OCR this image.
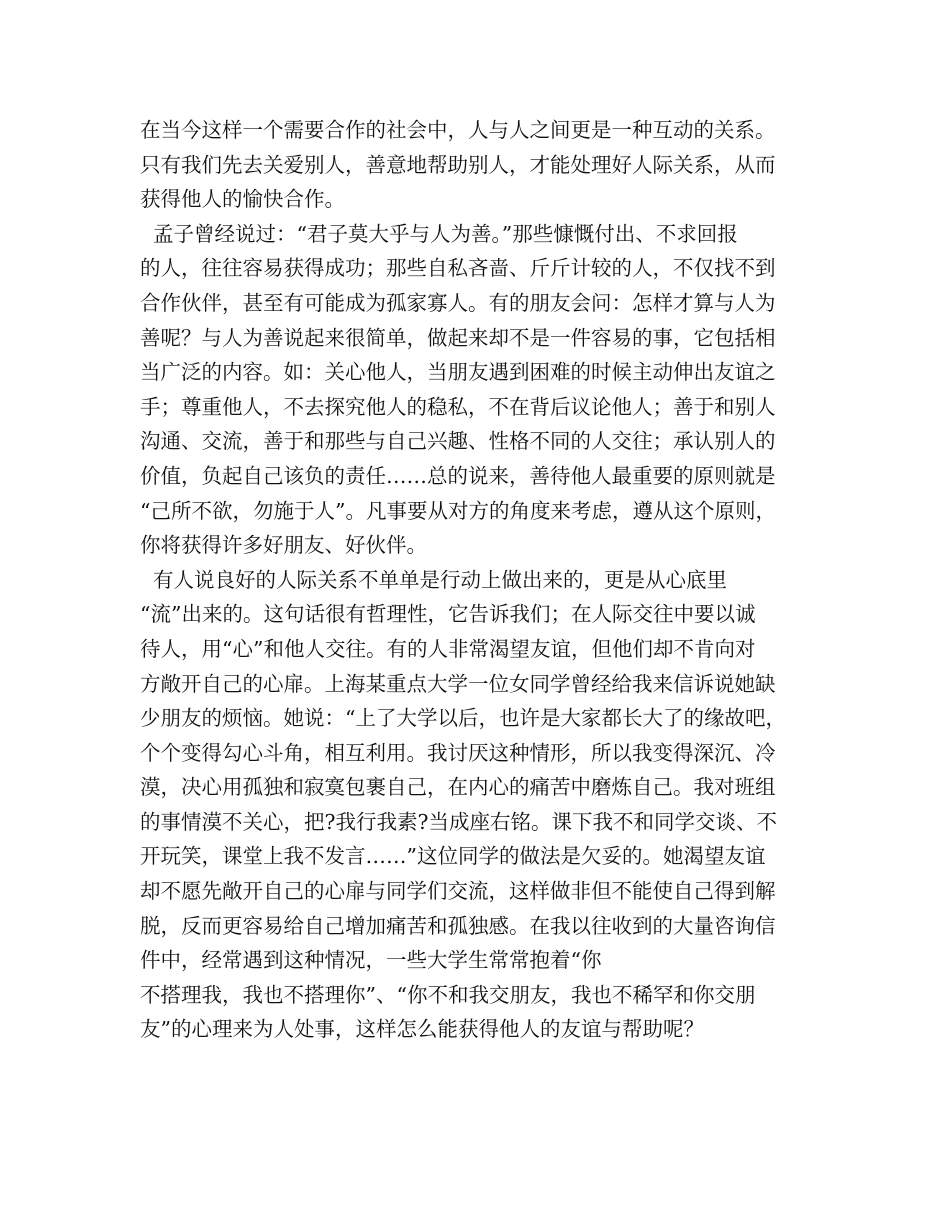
在当今这样一个需要合作的社会中，人与人之间更是一种互动的关系。
只有我们先去关爱别人，善意地帮助别人，才能处理好人际关系，从而
获得他人的愉快合作。
孟子曾经说过：“君子莫大乎与人为善。”那些慷慨付出、不求回报
的人，往往容易获得成功；那些自私吝啬、斤斤计较的人，不仅找不到
合作伙伴，甚至有可能成为孤家寡人。有的朋友会问：怎样才算与人为
善呢？与人为善说起来很简单，做起来却不是一件容易的事，它包括相
当广泛的内容。如：关心他人，当朋友遇到困难的时候主动伸出友谊之
手；尊重他人，不去探究他人的稳私，不在背后议论他人；善于和别人
沟通、交流，善于和那些与自己兴趣、性格不同的人交往；承认别人的
价值，负起自己该负的责任……总的说来，善待他人最重要的原则就是
“己所不欲，勿施于人”。凡事要从对方的角度来考虑，遵从这个原则，
你将获得许多好朋友、好伙伴。
有人说良好的人际关系不单单是行动上做出来的，更是从心底里
“流”出来的。这句话很有哲理性，它告诉我们；在人际交往中要以诚
待人，用“心”和他人交往。有的人非常渴望友谊，但他们却不肯向对
方敞开自己的心扉。上海某重点大学一位女同学曾经给我来信诉说她缺
少朋友的烦恼。她说：“上了大学以后，也许是大家都长大了的缘故吧，
个个变得勾心斗角，相互利用。我讨厌这种情形，所以我变得深沉、冷
漠，决心用孤独和寂寞包裹自己，在内心的痛苦中磨炼自己。我对班组
的事情漠不关心，把?我行我素?当成座右铭。课下我不和同学交谈、不
开玩笑，课堂上我不发言……”这位同学的做法是欠妥的。她渴望友谊
却不愿先敞开自己的心扉与同学们交流，这样做非但不能使自己得到解
脱，反而更容易给自己增加痛苦和孤独感。在我以往收到的大量咨询信
件中，经常遇到这种情况，一些大学生常常抱着“你
不搭理我，我也不搭理你”、“你不和我交朋友，我也不稀罕和你交朋
友”的心理来为人处事，这样怎么能获得他人的友谊与帮助呢？
